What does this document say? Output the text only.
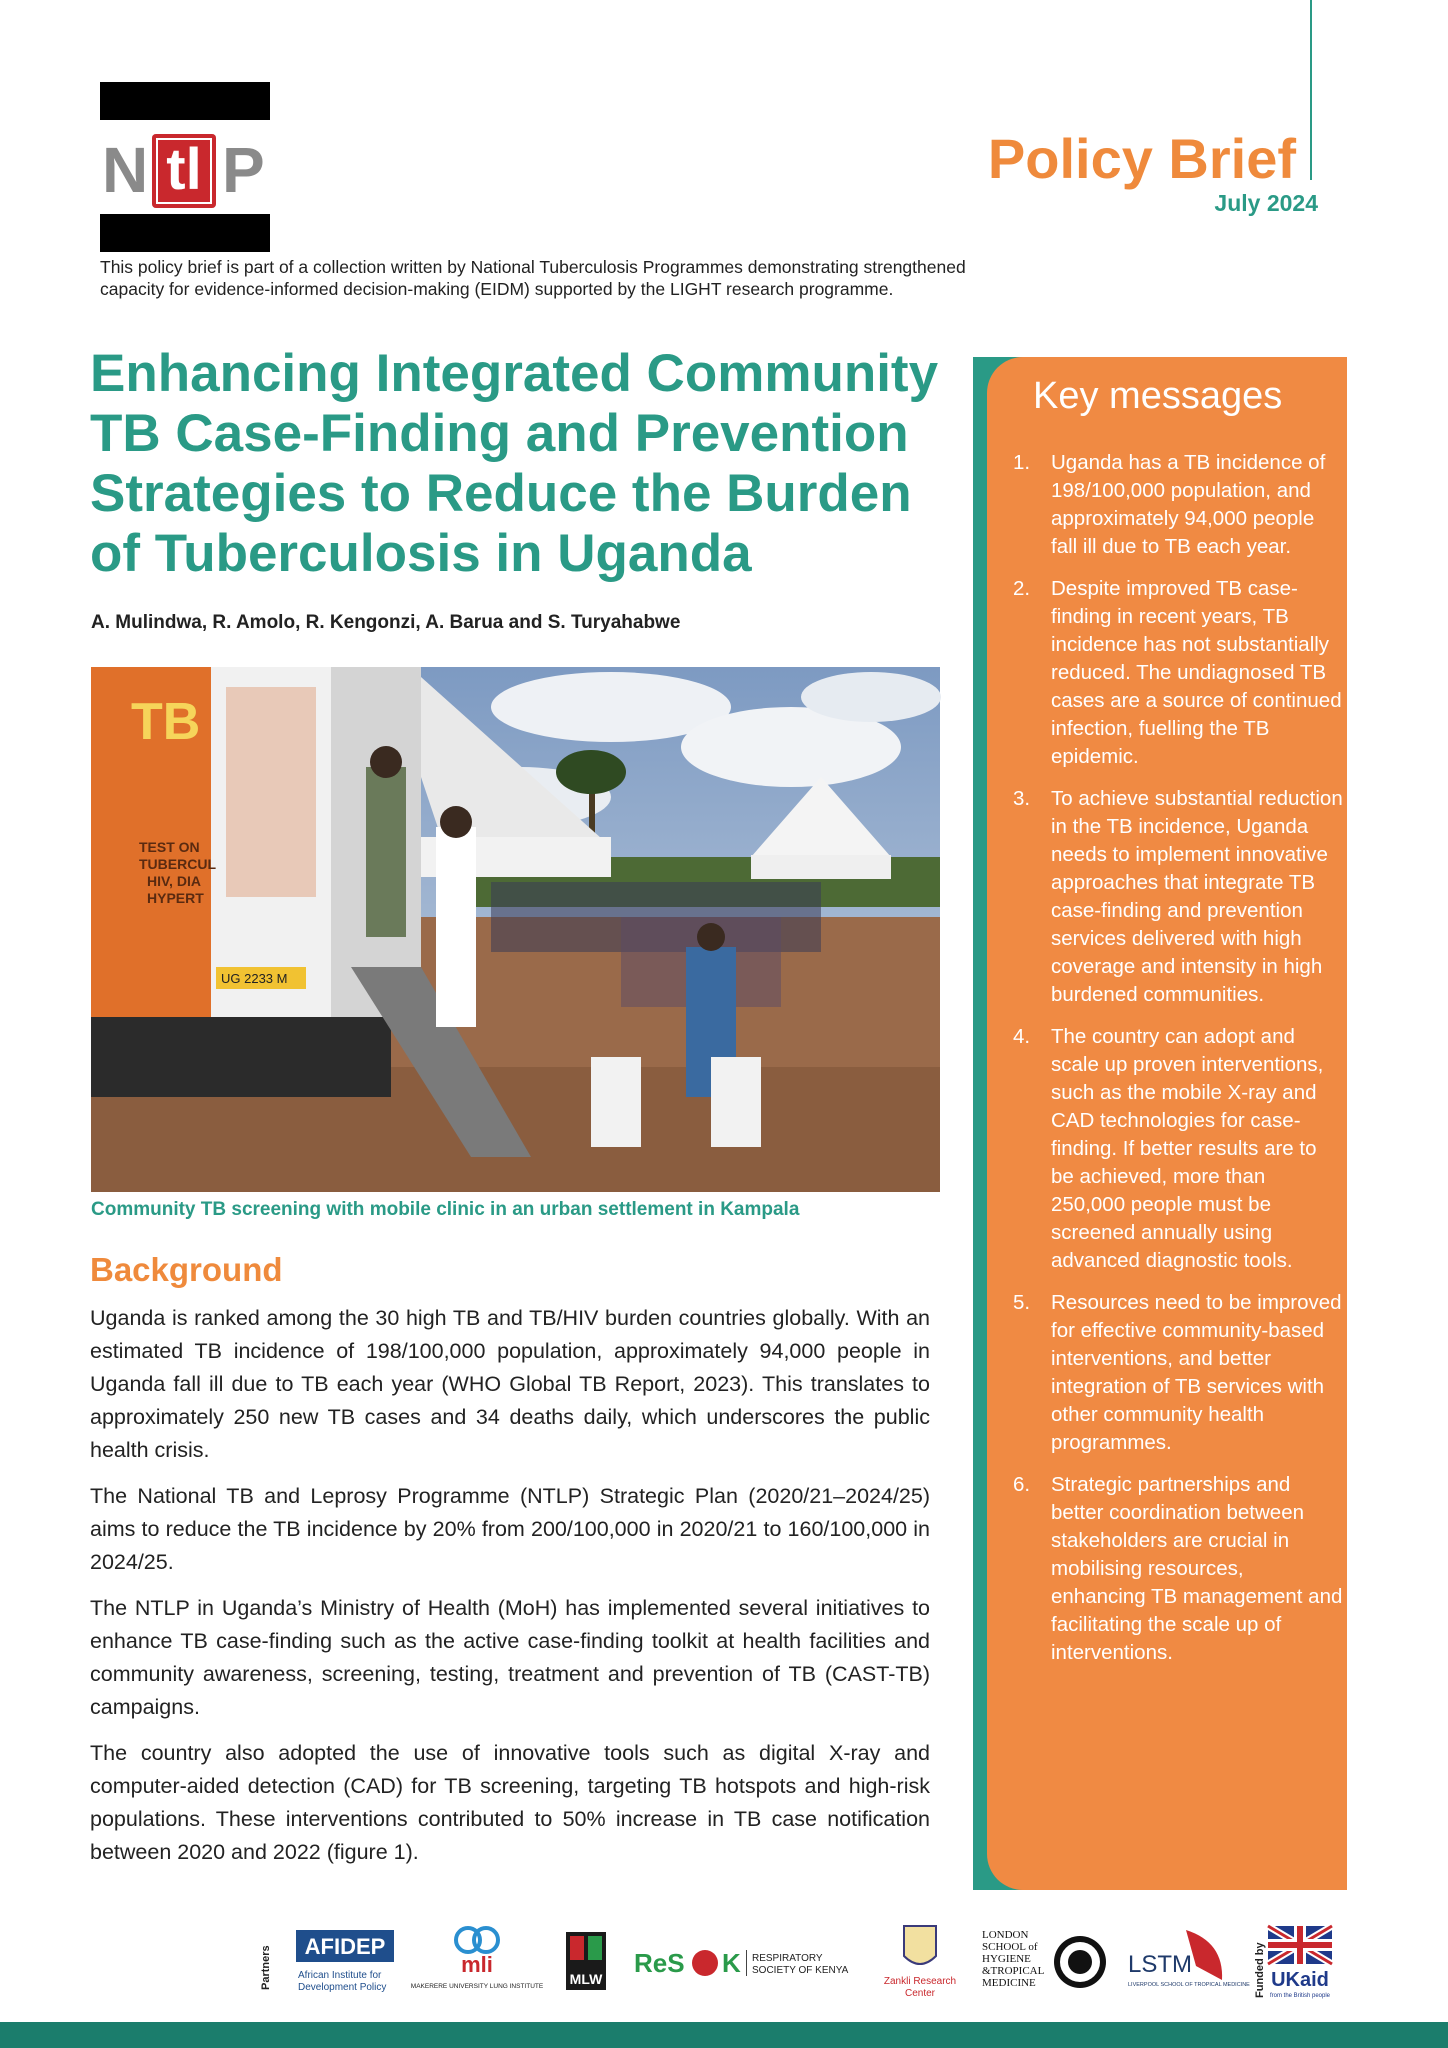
N tl P	Policy Brief
July 2024
This policy brief is part of a collection written by National Tuberculosis Programmes demonstrating strengthened capacity for evidence-informed decision-making (EIDM) supported by the LIGHT research programme.
Enhancing Integrated Community TB Case-Finding and Prevention Strategies to Reduce the Burden of Tuberculosis in Uganda
A. Mulindwa, R. Amolo, R. Kengonzi, A. Barua and S. Turyahabwe
TB
TEST ON
TUBERCUL
HIV, DIA
HYPERT
UG 2233 M
Community TB screening with mobile clinic in an urban settlement in Kampala
Background

Uganda is ranked among the 30 high TB and TB/HIV burden countries globally. With an estimated TB incidence of 198/100,000 population, approximately 94,000 people in Uganda fall ill due to TB each year (WHO Global TB Report, 2023). This translates to approximately 250 new TB cases and 34 deaths daily, which underscores the public health crisis.

The National TB and Leprosy Programme (NTLP) Strategic Plan (2020/21–2024/25) aims to reduce the TB incidence by 20% from 200/100,000 in 2020/21 to 160/100,000 in 2024/25.

The NTLP in Uganda’s Ministry of Health (MoH) has implemented several initiatives to enhance TB case-finding such as the active case-finding toolkit at health facilities and community awareness, screening, testing, treatment and prevention of TB (CAST-TB) campaigns.

The country also adopted the use of innovative tools such as digital X-ray and computer-aided detection (CAD) for TB screening, targeting TB hotspots and high-risk populations. These interventions contributed to 50% increase in TB case notification between 2020 and 2022 (figure 1).

Key messages
1. Uganda has a TB incidence of 198/100,000 population, and approximately 94,000 people fall ill due to TB each year.
2. Despite improved TB case-finding in recent years, TB incidence has not substantially reduced. The undiagnosed TB cases are a source of continued infection, fuelling the TB epidemic.
3. To achieve substantial reduction in the TB incidence, Uganda needs to implement innovative approaches that integrate TB case-finding and prevention services delivered with high coverage and intensity in high burdened communities.
4. The country can adopt and scale up proven interventions, such as the mobile X-ray and CAD technologies for case-finding. If better results are to be achieved, more than 250,000 people must be screened annually using advanced diagnostic tools.
5. Resources need to be improved for effective community-based interventions, and better integration of TB services with other community health programmes.
6. Strategic partnerships and better coordination between stakeholders are crucial in mobilising resources, enhancing TB management and facilitating the scale up of interventions.
Partners AFIDEP
African Institute for
Development Policy
mli
MAKERERE UNIVERSITY LUNG INSTITUTE MLW
ReS K RESPIRATORY
SOCIETY OF KENYA
Zankli Research
Center
LONDON
SCHOOL of
HYGIENE
&TROPICAL
MEDICINE
LSTM
LIVERPOOL SCHOOL OF TROPICAL MEDICINE Funded by UKaid
from the British people
